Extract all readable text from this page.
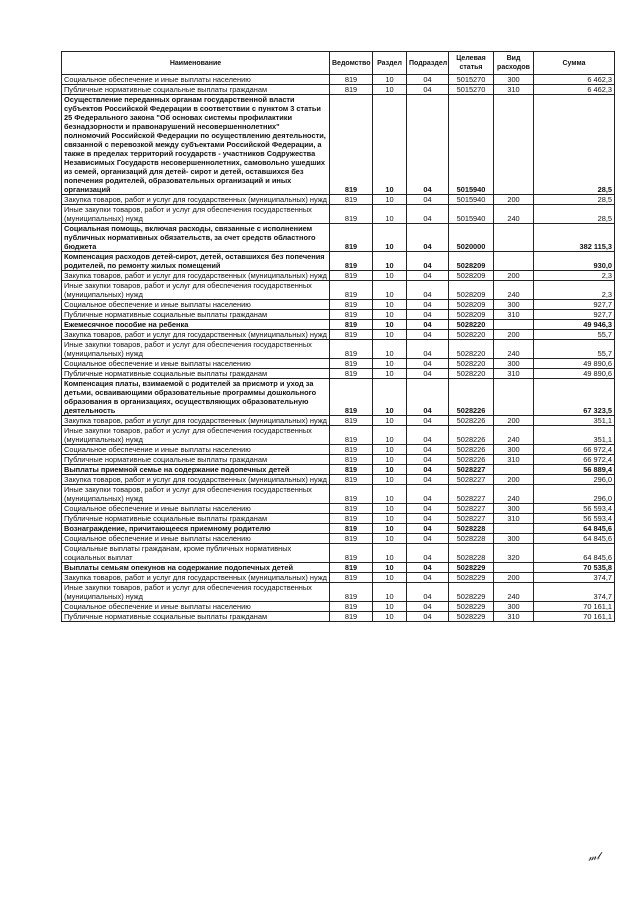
Наименование	Ведомство	Раздел	Подраздел	Целевая статья	Вид расходов	Сумма
Социальное обеспечение и иные выплаты населению	819	10	04	5015270	300	6 462,3
Публичные нормативные социальные выплаты гражданам	819	10	04	5015270	310	6 462,3
Осуществление переданных органам государственной власти субъектов Российской Федерации в соответствии с пунктом 3 статьи 25 Федерального закона "Об основах системы профилактики безнадзорности и правонарушений несовершеннолетних" полномочий Российской Федерации по осуществлению деятельности, связанной с перевозкой между субъектами Российской Федерации, а также в пределах территорий государств - участников Содружества Независимых Государств несовершеннолетних, самовольно ушедших из семей, организаций для детей- сирот и детей, оставшихся без попечения родителей, образовательных организаций и иных организаций	819	10	04	5015940		28,5
Закупка товаров, работ и услуг для государственных (муниципальных) нужд	819	10	04	5015940	200	28,5
Иные закупки товаров, работ и услуг для обеспечения государственных (муниципальных) нужд	819	10	04	5015940	240	28,5
Социальная помощь, включая расходы, связанные с исполнением публичных нормативных обязательств, за счет средств областного бюджета	819	10	04	5020000		382 115,3
Компенсация расходов детей-сирот, детей, оставшихся без попечения родителей, по ремонту жилых помещений	819	10	04	5028209		930,0
Закупка товаров, работ и услуг для государственных (муниципальных) нужд	819	10	04	5028209	200	2,3
Иные закупки товаров, работ и услуг для обеспечения государственных (муниципальных) нужд	819	10	04	5028209	240	2,3
Социальное обеспечение и иные выплаты населению	819	10	04	5028209	300	927,7
Публичные нормативные социальные выплаты гражданам	819	10	04	5028209	310	927,7
Ежемесячное пособие на ребенка	819	10	04	5028220		49 946,3
Закупка товаров, работ и услуг для государственных (муниципальных) нужд	819	10	04	5028220	200	55,7
Иные закупки товаров, работ и услуг для обеспечения государственных (муниципальных) нужд	819	10	04	5028220	240	55,7
Социальное обеспечение и иные выплаты населению	819	10	04	5028220	300	49 890,6
Публичные нормативные социальные выплаты гражданам	819	10	04	5028220	310	49 890,6
Компенсация платы, взимаемой с родителей за присмотр и уход за детьми, осваивающими образовательные программы дошкольного образования в организациях, осуществляющих образовательную деятельность	819	10	04	5028226		67 323,5
Закупка товаров, работ и услуг для государственных (муниципальных) нужд	819	10	04	5028226	200	351,1
Иные закупки товаров, работ и услуг для обеспечения государственных (муниципальных) нужд	819	10	04	5028226	240	351,1
Социальное обеспечение и иные выплаты населению	819	10	04	5028226	300	66 972,4
Публичные нормативные социальные выплаты гражданам	819	10	04	5028226	310	66 972,4
Выплаты приемной семье на содержание подопечных детей	819	10	04	5028227		56 889,4
Закупка товаров, работ и услуг для государственных (муниципальных) нужд	819	10	04	5028227	200	296,0
Иные закупки товаров, работ и услуг для обеспечения государственных (муниципальных) нужд	819	10	04	5028227	240	296,0
Социальное обеспечение и иные выплаты населению	819	10	04	5028227	300	56 593,4
Публичные нормативные социальные выплаты гражданам	819	10	04	5028227	310	56 593,4
Вознаграждение, причитающееся приемному родителю	819	10	04	5028228		64 845,6
Социальное обеспечение и иные выплаты населению	819	10	04	5028228	300	64 845,6
Социальные выплаты гражданам, кроме публичных нормативных социальных выплат	819	10	04	5028228	320	64 845,6
Выплаты семьям опекунов на содержание подопечных детей	819	10	04	5028229		70 535,8
Закупка товаров, работ и услуг для государственных (муниципальных) нужд	819	10	04	5028229	200	374,7
Иные закупки товаров, работ и услуг для обеспечения государственных (муниципальных) нужд	819	10	04	5028229	240	374,7
Социальное обеспечение и иные выплаты населению	819	10	04	5028229	300	70 161,1
Публичные нормативные социальные выплаты гражданам	819	10	04	5028229	310	70 161,1
𝓂𝓁
